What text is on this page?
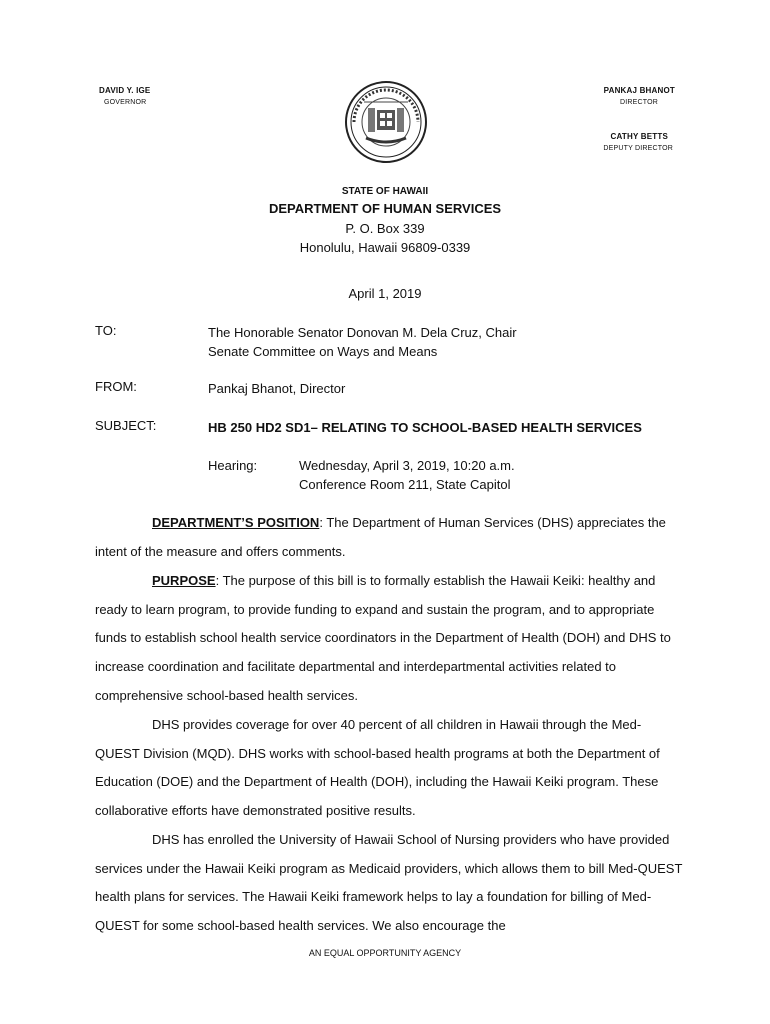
DAVID Y. IGE
GOVERNOR
PANKAJ BHANOT
DIRECTOR
CATHY BETTS
DEPUTY DIRECTOR
STATE OF HAWAII
DEPARTMENT OF HUMAN SERVICES
P. O. Box 339
Honolulu, Hawaii 96809-0339
April 1, 2019
TO:	The Honorable Senator Donovan M. Dela Cruz, Chair
Senate Committee on Ways and Means
FROM:	Pankaj Bhanot, Director
SUBJECT:	HB 250 HD2 SD1– RELATING TO SCHOOL-BASED HEALTH SERVICES
Hearing:	Wednesday, April 3, 2019, 10:20 a.m.
Conference Room 211, State Capitol
DEPARTMENT’S POSITION: The Department of Human Services (DHS) appreciates the intent of the measure and offers comments.
PURPOSE: The purpose of this bill is to formally establish the Hawaii Keiki: healthy and ready to learn program, to provide funding to expand and sustain the program, and to appropriate funds to establish school health service coordinators in the Department of Health (DOH) and DHS to increase coordination and facilitate departmental and interdepartmental activities related to comprehensive school-based health services.
DHS provides coverage for over 40 percent of all children in Hawaii through the Med-QUEST Division (MQD). DHS works with school-based health programs at both the Department of Education (DOE) and the Department of Health (DOH), including the Hawaii Keiki program. These collaborative efforts have demonstrated positive results.
DHS has enrolled the University of Hawaii School of Nursing providers who have provided services under the Hawaii Keiki program as Medicaid providers, which allows them to bill Med-QUEST health plans for services. The Hawaii Keiki framework helps to lay a foundation for billing of Med-QUEST for some school-based health services. We also encourage the
AN EQUAL OPPORTUNITY AGENCY
